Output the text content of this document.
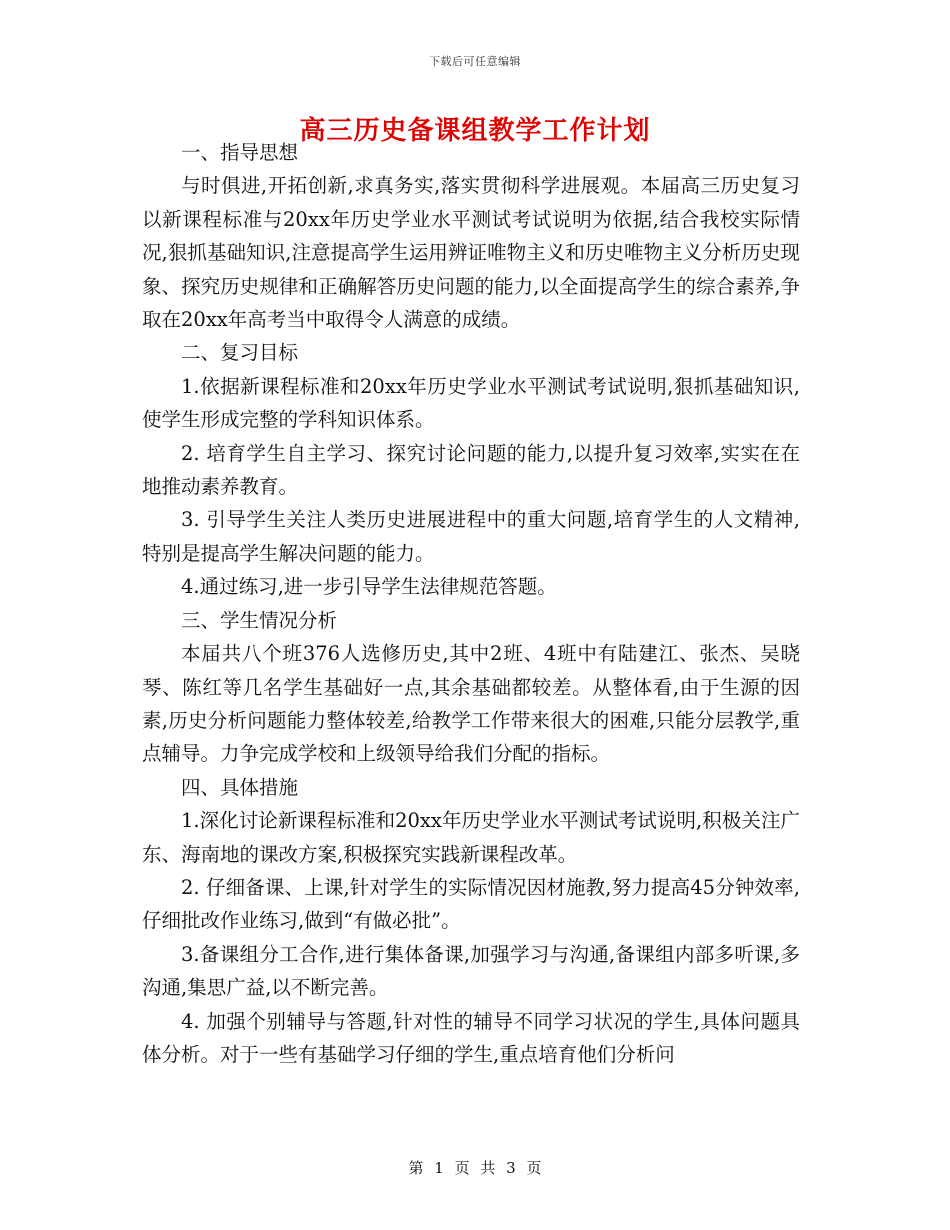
下载后可任意编辑
高三历史备课组教学工作计划

一、指导思想

与时俱进,开拓创新,求真务实,落实贯彻科学进展观。本届高三历史复习以新课程标准与20xx年历史学业水平测试考试说明为依据,结合我校实际情况,狠抓基础知识,注意提高学生运用辨证唯物主义和历史唯物主义分析历史现象、探究历史规律和正确解答历史问题的能力,以全面提高学生的综合素养,争取在20xx年高考当中取得令人满意的成绩。

二、复习目标

1.依据新课程标准和20xx年历史学业水平测试考试说明,狠抓基础知识,使学生形成完整的学科知识体系。

2. 培育学生自主学习、探究讨论问题的能力,以提升复习效率,实实在在地推动素养教育。

3. 引导学生关注人类历史进展进程中的重大问题,培育学生的人文精神,特别是提高学生解决问题的能力。

4.通过练习,进一步引导学生法律规范答题。

三、学生情况分析

本届共八个班376人选修历史,其中2班、4班中有陆建江、张杰、吴晓琴、陈红等几名学生基础好一点,其余基础都较差。从整体看,由于生源的因素,历史分析问题能力整体较差,给教学工作带来很大的困难,只能分层教学,重点辅导。力争完成学校和上级领导给我们分配的指标。

四、具体措施

1.深化讨论新课程标准和20xx年历史学业水平测试考试说明,积极关注广东、海南地的课改方案,积极探究实践新课程改革。

2. 仔细备课、上课,针对学生的实际情况因材施教,努力提高45分钟效率,仔细批改作业练习,做到“有做必批”。

3.备课组分工合作,进行集体备课,加强学习与沟通,备课组内部多听课,多沟通,集思广益,以不断完善。

4. 加强个别辅导与答题,针对性的辅导不同学习状况的学生,具体问题具体分析。对于一些有基础学习仔细的学生,重点培育他们分析问

第 1 页 共 3 页
